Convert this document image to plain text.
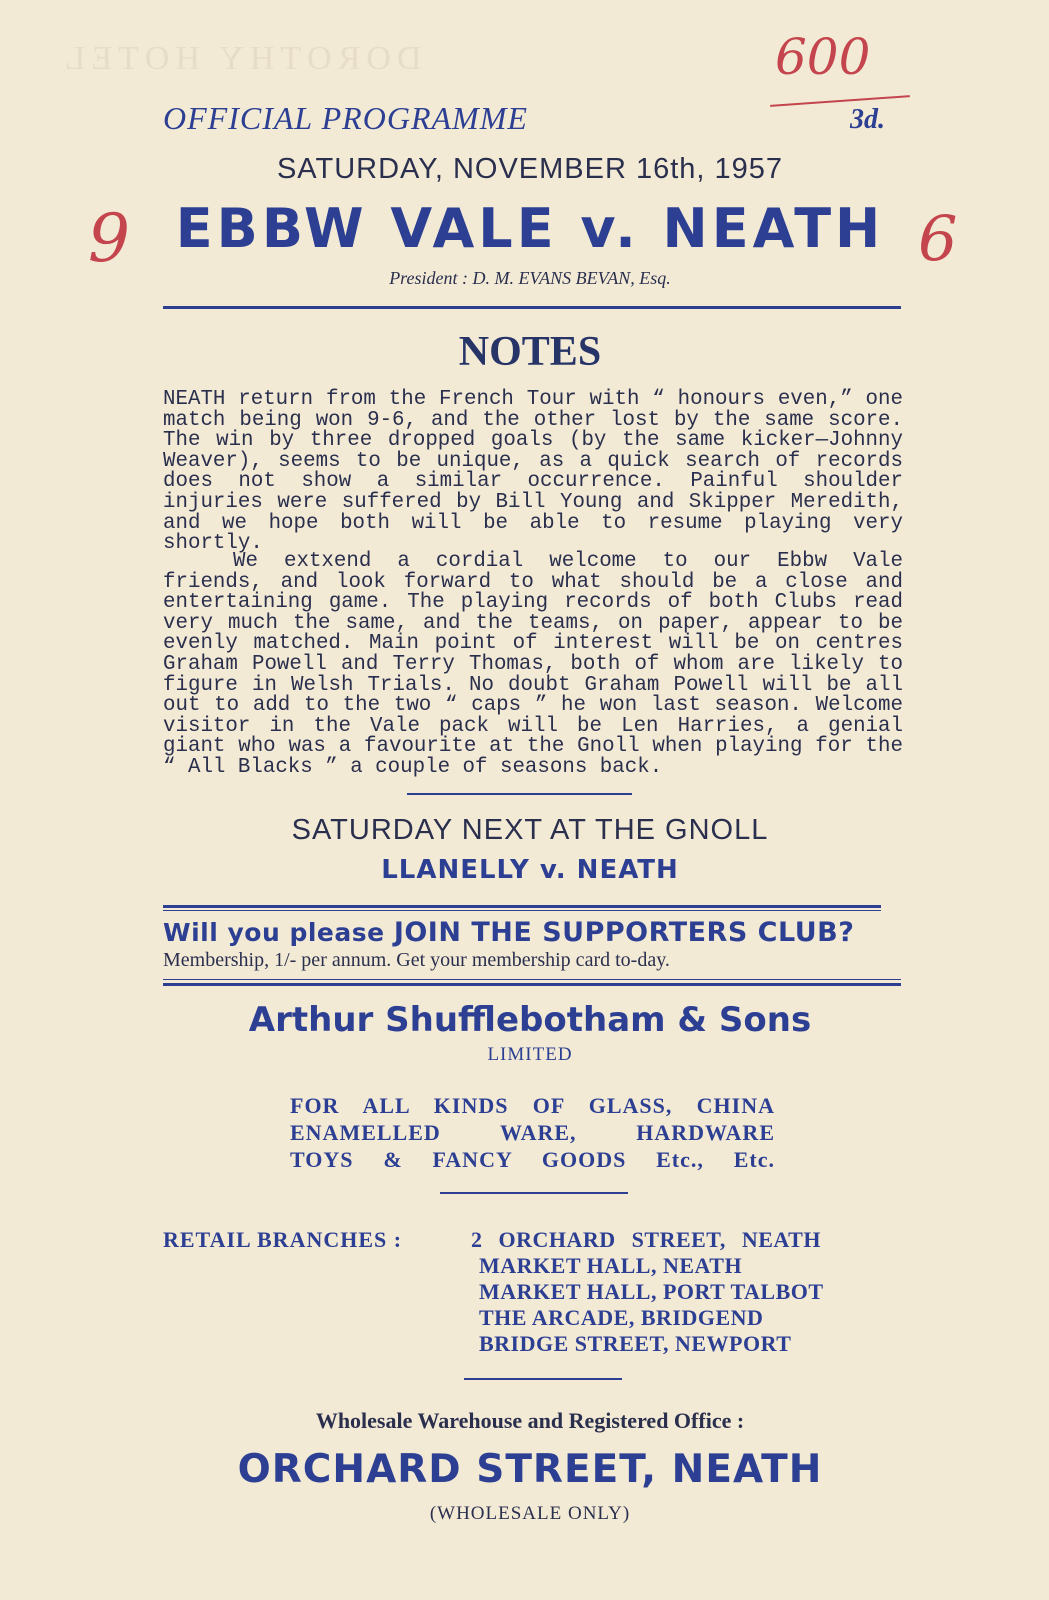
DOROTHY HOTEL	600
9	6
OFFICIAL PROGRAMME	3d.
SATURDAY, NOVEMBER 16th, 1957
EBBW VALE v. NEATH
President : D. M. EVANS BEVAN, Esq.
NOTES

NEATH return from the French Tour with “ honours even,” one match being won 9-6, and the other lost by the same score. The win by three dropped goals (by the same kicker—Johnny Weaver), seems to be unique, as a quick search of records does not show a similar occurrence. Painful shoulder injuries were suffered by Bill Young and Skipper Meredith, and we hope both will be able to resume playing very shortly.

We extxend a cordial welcome to our Ebbw Vale friends, and look forward to what should be a close and entertaining game. The playing records of both Clubs read very much the same, and the teams, on paper, appear to be evenly matched. Main point of interest will be on centres Graham Powell and Terry Thomas, both of whom are likely to figure in Welsh Trials. No doubt Graham Powell will be all out to add to the two “ caps ” he won last season. Welcome visitor in the Vale pack will be Len Harries, a genial giant who was a favourite at the Gnoll when playing for the “ All Blacks ” a couple of seasons back.

SATURDAY NEXT AT THE GNOLL
LLANELLY v. NEATH
Will you please JOIN THE SUPPORTERS CLUB?
Membership, 1/- per annum. Get your membership card to-day.
Arthur Shufflebotham & Sons
LIMITED
FOR ALL KINDS OF GLASS, CHINA
ENAMELLED WARE, HARDWARE
TOYS & FANCY GOODS Etc., Etc.
RETAIL BRANCHES :	2 ORCHARD STREET, NEATH
MARKET HALL, NEATH
MARKET HALL, PORT TALBOT
THE ARCADE, BRIDGEND
BRIDGE STREET, NEWPORT
Wholesale Warehouse and Registered Office :
ORCHARD STREET, NEATH
(WHOLESALE ONLY)
